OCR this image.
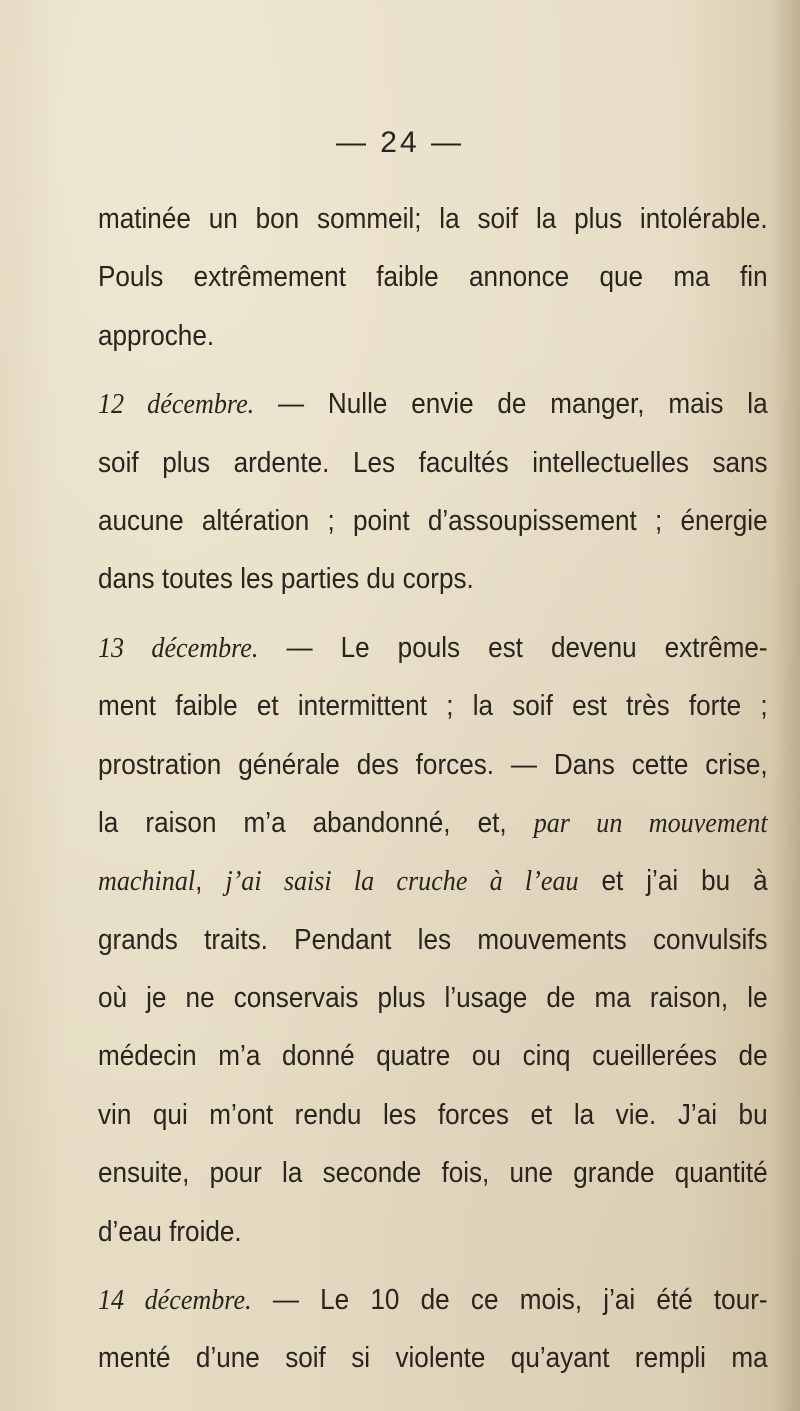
— 24 —
matinée un bon sommeil; la soif la plus intolérable.
Pouls extrêmement faible annonce que ma fin
approche.
12 décembre. — Nulle envie de manger, mais la
soif plus ardente. Les facultés intellectuelles sans
aucune altération ; point d’assoupissement ; énergie
dans toutes les parties du corps.
13 décembre. — Le pouls est devenu extrême-
ment faible et intermittent ; la soif est très forte ;
prostration générale des forces. — Dans cette crise,
la raison m’a abandonné, et, par un mouvement
machinal, j’ai saisi la cruche à l’eau et j’ai bu à
grands traits. Pendant les mouvements convulsifs
où je ne conservais plus l’usage de ma raison, le
médecin m’a donné quatre ou cinq cueillerées de
vin qui m’ont rendu les forces et la vie. J’ai bu
ensuite, pour la seconde fois, une grande quantité
d’eau froide.
14 décembre. — Le 10 de ce mois, j’ai été tour-
menté d’une soif si violente qu’ayant rempli ma
